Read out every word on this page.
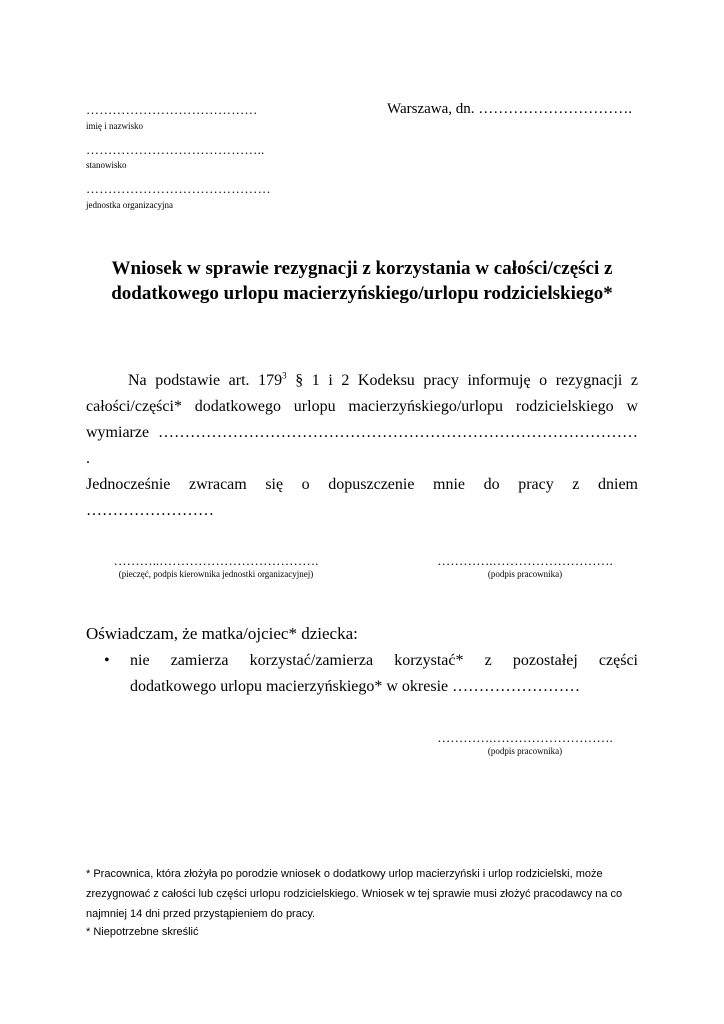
…………………………………
imię i nazwisko
Warszawa, dn. ………………………….
…………………………………..
stanowisko
……………………………………
jednostka organizacyjna
Wniosek w sprawie rezygnacji z korzystania w całości/części z
dodatkowego urlopu macierzyńskiego/urlopu rodzicielskiego*
Na podstawie art. $179^3$ § 1 i 2 Kodeksu pracy informuję o rezygnacji z całości/części* dodatkowego urlopu macierzyńskiego/urlopu rodzicielskiego w wymiarze ……………………………………………………………………………… .
Jednocześnie zwracam się o dopuszczenie mnie do pracy z dniem ……………………
………..……………………………….
(pieczęć, podpis kierownika jednostki organizacyjnej)
………….……………………….
(podpis pracownika)
Oświadczam, że matka/ojciec* dziecka:
• nie zamierza korzystać/zamierza korzystać* z pozostałej części
dodatkowego urlopu macierzyńskiego* w okresie ……………………
………….……………………….
(podpis pracownika)
* Pracownica, która złożyła po porodzie wniosek o dodatkowy urlop macierzyński i urlop rodzicielski, może zrezygnować z całości lub części urlopu rodzicielskiego. Wniosek w tej sprawie musi złożyć pracodawcy na co najmniej 14 dni przed przystąpieniem do pracy.
* Niepotrzebne skreślić
